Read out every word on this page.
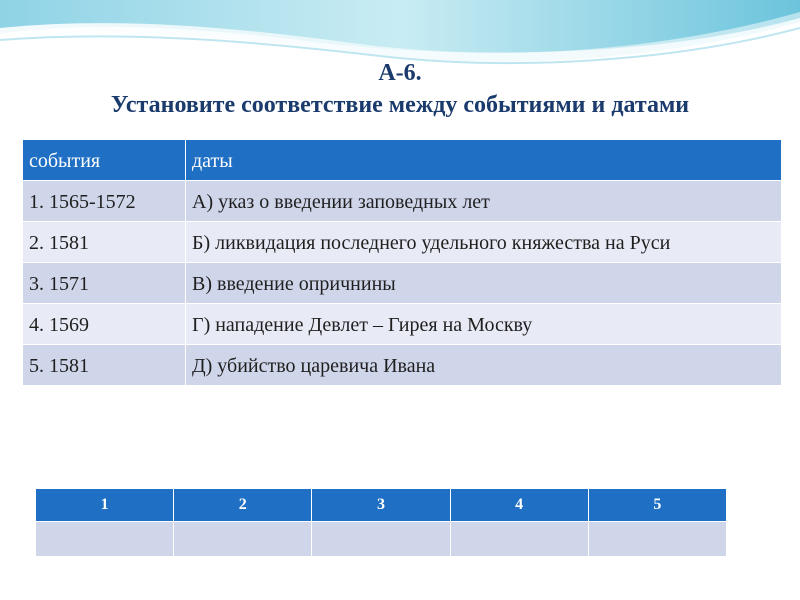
А-6.
Установите соответствие между событиями и датами
события	даты
1. 1565-1572	А) указ о введении заповедных лет
2. 1581	Б) ликвидация последнего удельного княжества на Руси
3. 1571	В) введение опричнины
4. 1569	Г) нападение Девлет – Гирея на Москву
5. 1581	Д) убийство царевича Ивана
1	2	3	4	5
